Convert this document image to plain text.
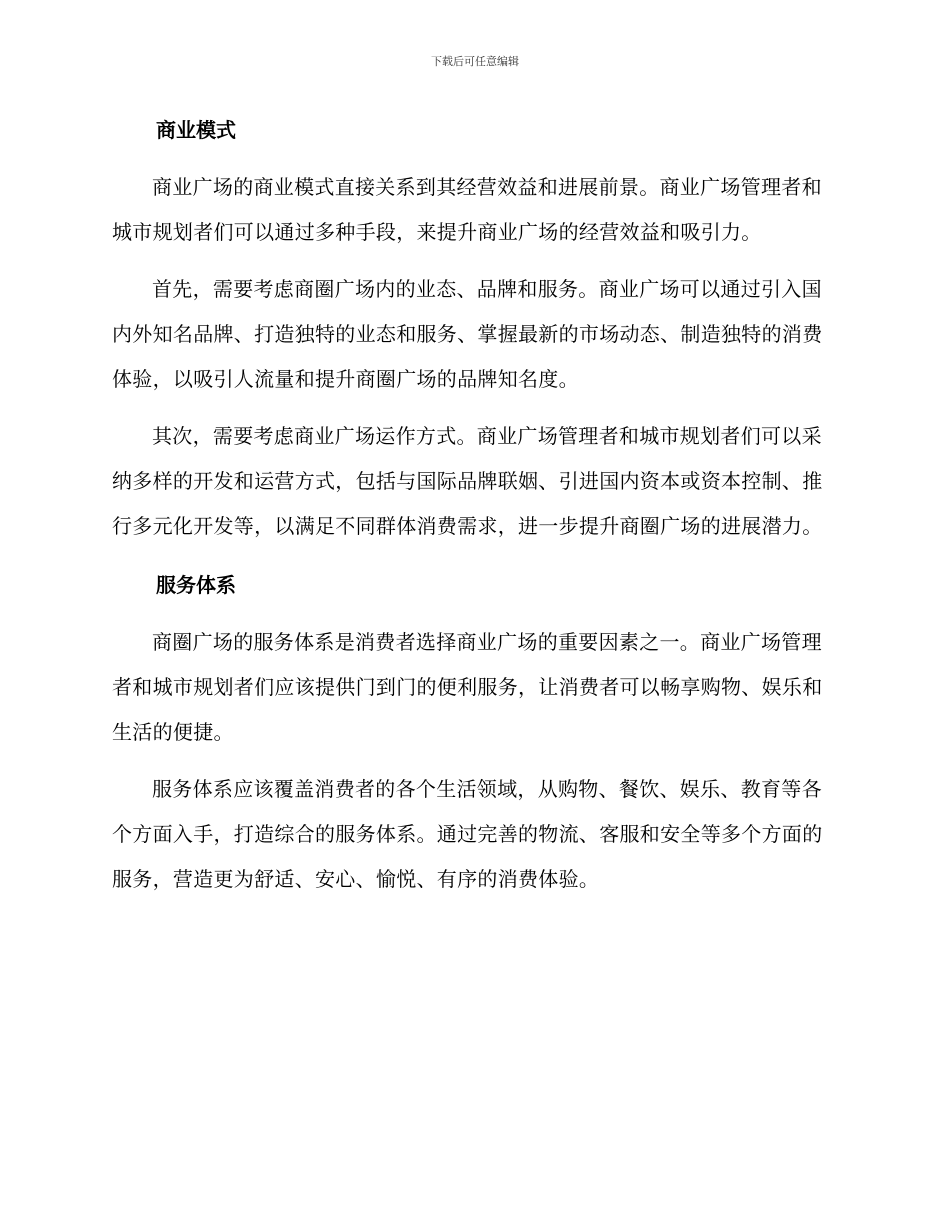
下载后可任意编辑
商业模式

商业广场的商业模式直接关系到其经营效益和进展前景。商业广场管理者和城市规划者们可以通过多种手段，来提升商业广场的经营效益和吸引力。

首先，需要考虑商圈广场内的业态、品牌和服务。商业广场可以通过引入国内外知名品牌、打造独特的业态和服务、掌握最新的市场动态、制造独特的消费体验，以吸引人流量和提升商圈广场的品牌知名度。

其次，需要考虑商业广场运作方式。商业广场管理者和城市规划者们可以采纳多样的开发和运营方式，包括与国际品牌联姻、引进国内资本或资本控制、推行多元化开发等，以满足不同群体消费需求，进一步提升商圈广场的进展潜力。

服务体系

商圈广场的服务体系是消费者选择商业广场的重要因素之一。商业广场管理者和城市规划者们应该提供门到门的便利服务，让消费者可以畅享购物、娱乐和生活的便捷。

服务体系应该覆盖消费者的各个生活领域，从购物、餐饮、娱乐、教育等各个方面入手，打造综合的服务体系。通过完善的物流、客服和安全等多个方面的服务，营造更为舒适、安心、愉悦、有序的消费体验。
